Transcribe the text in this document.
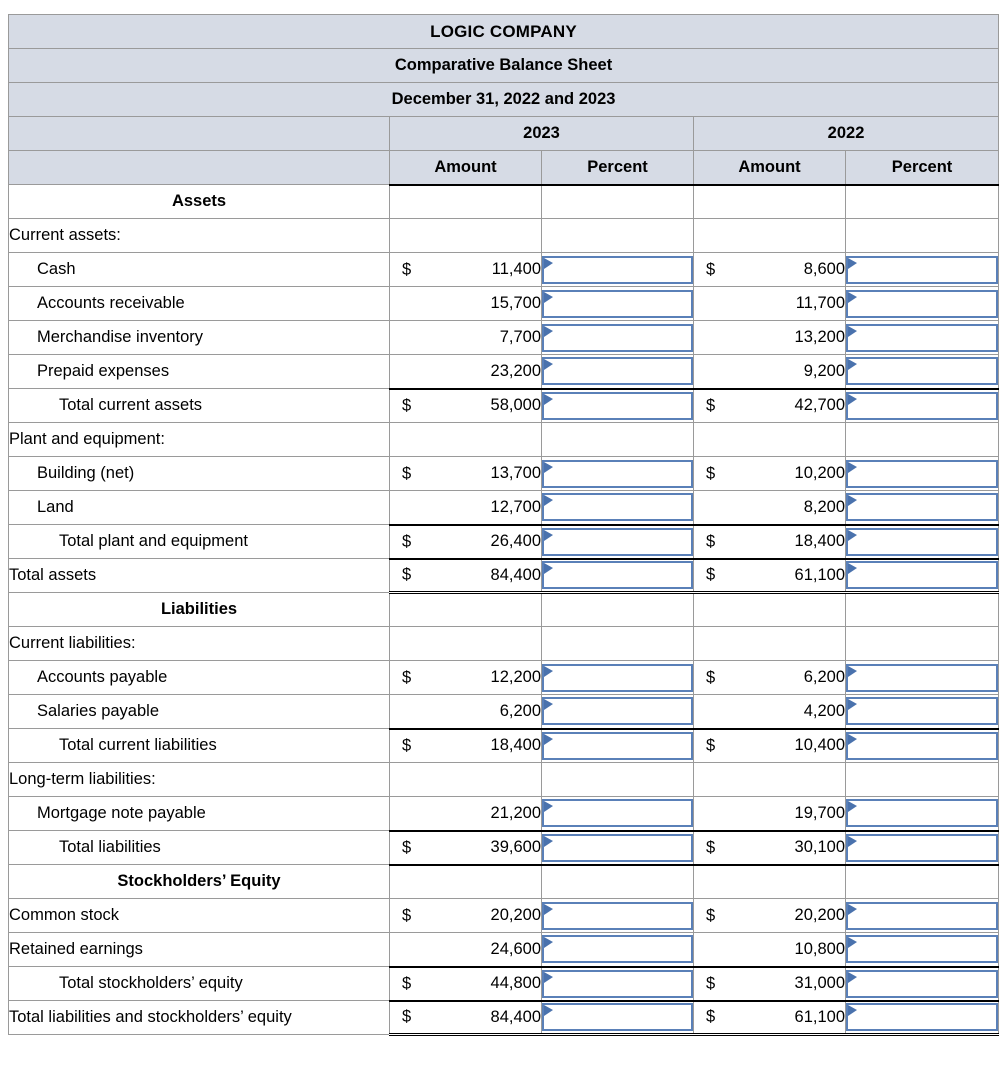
LOGIC COMPANY				
Comparative Balance Sheet				
December 31, 2022 and 2023				
	2023		2022	
	Amount	Percent	Amount	Percent
Assets				
Current assets:				
Cash	$ 11,400		$ 8,600	

Accounts receivable	15,700		11,700	

Merchandise inventory	7,700		13,200	

Prepaid expenses	23,200		9,200	

Total current assets	$ 58,000		$ 42,700	

Plant and equipment:				
Building (net)	$ 13,700		$ 10,200	

Land	12,700		8,200	

Total plant and equipment	$ 26,400		$ 18,400	

Total assets	$ 84,400		$ 61,100	

Liabilities				
Current liabilities:				
Accounts payable	$ 12,200		$ 6,200	

Salaries payable	6,200		4,200	

Total current liabilities	$ 18,400		$ 10,400	

Long-term liabilities:				
Mortgage note payable	21,200		19,700	

Total liabilities	$ 39,600		$ 30,100	

Stockholders’ Equity				
Common stock	$ 20,200		$ 20,200	

Retained earnings	24,600		10,800	

Total stockholders’ equity	$ 44,800		$ 31,000	

Total liabilities and stockholders’ equity	$ 84,400		$ 61,100	
